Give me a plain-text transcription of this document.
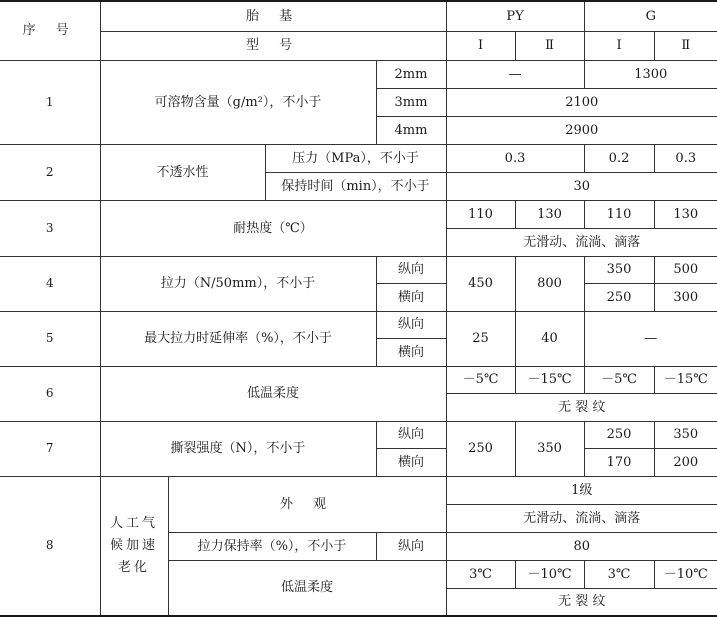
序 号	胎 基				PY		G	
	型 号				Ⅰ	Ⅱ	Ⅰ	Ⅱ
1	可溶物含量（g/m²），不小于			2mm	—		1300	
				3mm	2100			
				4mm	2900			
2	不透水性		压力（MPa），不小于		0.3		0.2	0.3
			保持时间（min），不小于		30			
3	耐热度（℃）				110	130	110	130
					无滑动、流淌、滴落			
4	拉力（N/50mm），不小于			纵向	450	800	350	500
				横向			250	300
5	最大拉力时延伸率（%），不小于			纵向	25	40	—	
				横向				
6	低温柔度				－5℃	－15℃	－5℃	－15℃
					无 裂 纹			
7	撕裂强度（N），不小于			纵向	250	350	250	350
				横向			170	200
8	人工气候加速老化	外 观			1级			
					无滑动、流淌、滴落			
		拉力保持率（%），不小于		纵向	80			
		低温柔度			3℃	－10℃	3℃	－10℃
					无 裂 纹			
